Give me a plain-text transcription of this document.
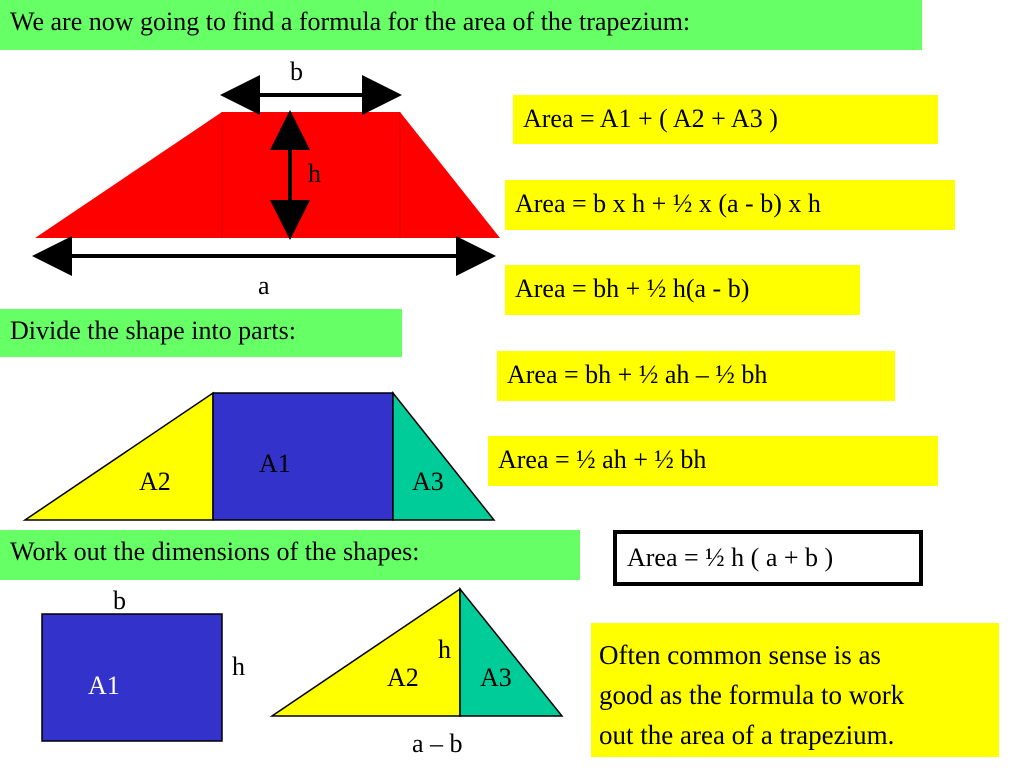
We are now going to find a formula for the area of the trapezium:
Divide the shape into parts:
Work out the dimensions of the shapes:
Area = A1 + ( A2 + A3 )
Area = b x h + ½ x (a - b) x h
Area = bh + ½ h(a - b)
Area = bh + ½ ah – ½ bh
Area = ½ ah + ½ bh
Area = ½ h ( a + b )
Often common sense is as
good as the formula to work
out the area of a trapezium.
b
h
a
A1
A2	A3
b
h
A1
h
A2 A3
a – b
